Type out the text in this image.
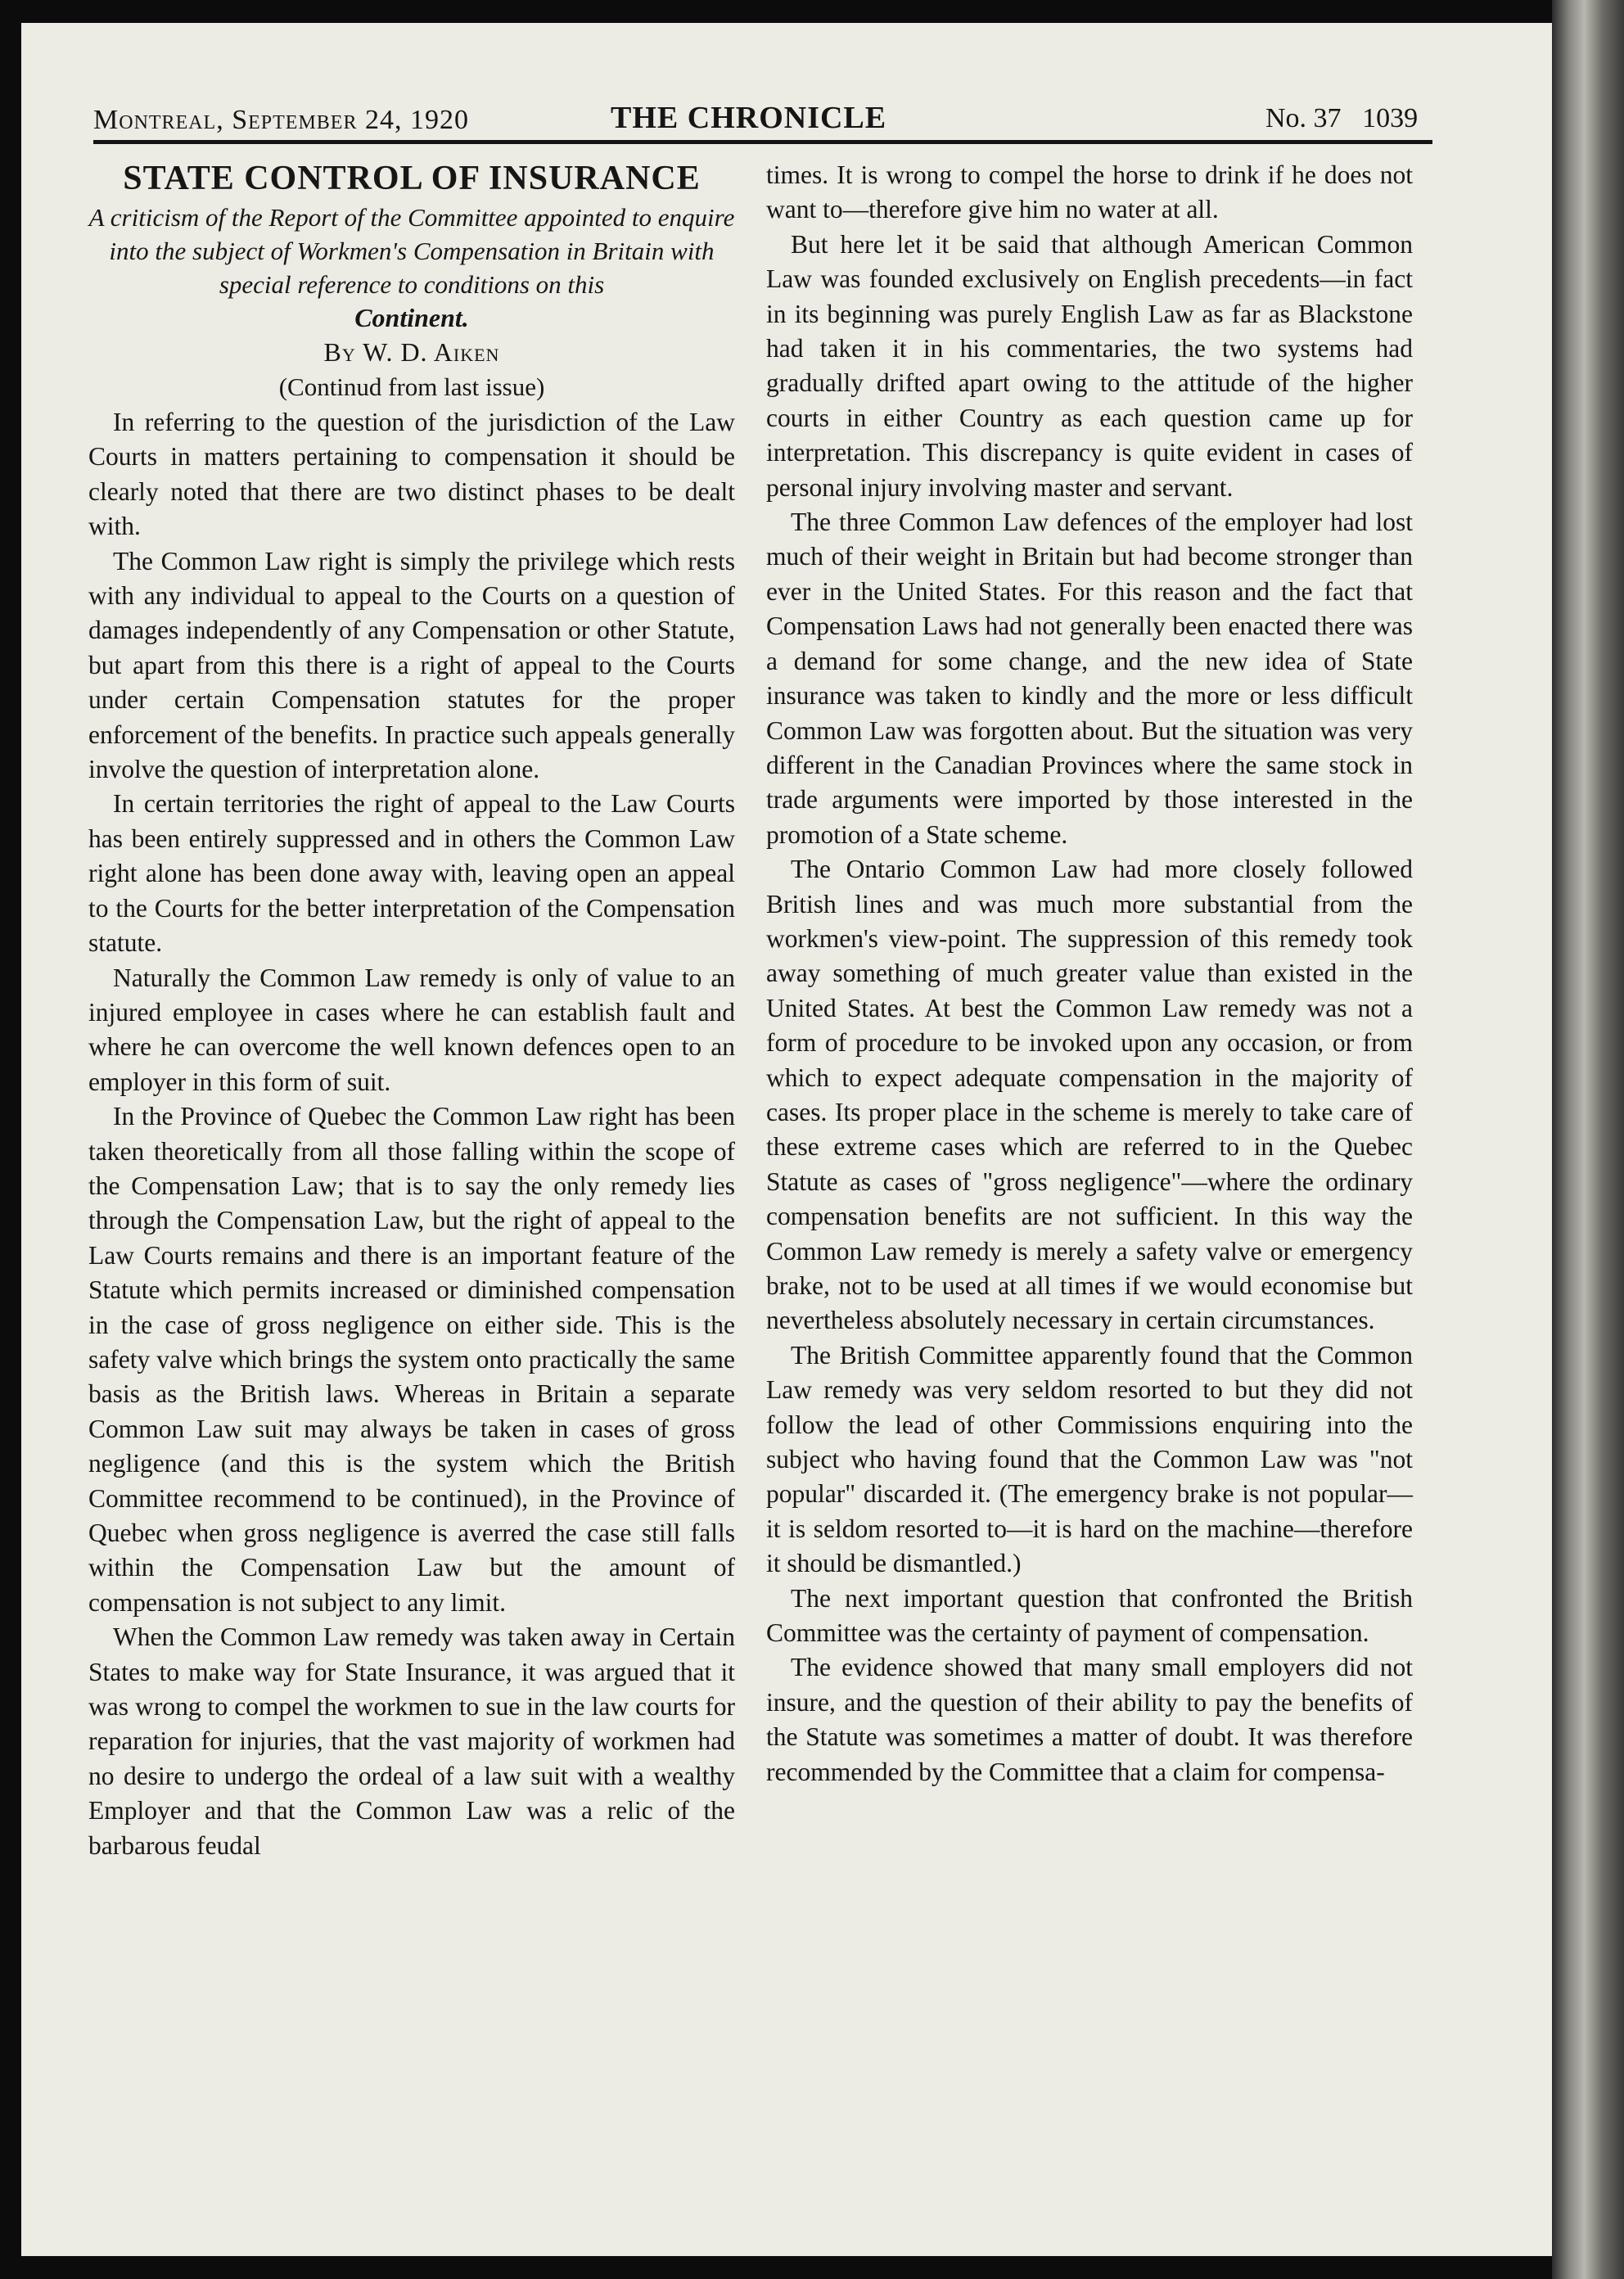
Montreal, September 24, 1920	THE CHRONICLE	No. 37 1039
STATE CONTROL OF INSURANCE

A criticism of the Report of the Committee appointed to enquire into the subject of Workmen's Compensation in Britain with special reference to conditions on this

Continent.

By W. D. Aiken

(Continud from last issue)

In referring to the question of the jurisdiction of the Law Courts in matters pertaining to compensation it should be clearly noted that there are two distinct phases to be dealt with.

The Common Law right is simply the privilege which rests with any individual to appeal to the Courts on a question of damages independently of any Compensation or other Statute, but apart from this there is a right of appeal to the Courts under certain Compensation statutes for the proper enforcement of the benefits. In practice such appeals generally involve the question of interpretation alone.

In certain territories the right of appeal to the Law Courts has been entirely suppressed and in others the Common Law right alone has been done away with, leaving open an appeal to the Courts for the better interpretation of the Compensation statute.

Naturally the Common Law remedy is only of value to an injured employee in cases where he can establish fault and where he can overcome the well known defences open to an employer in this form of suit.

In the Province of Quebec the Common Law right has been taken theoretically from all those falling within the scope of the Compensation Law; that is to say the only remedy lies through the Compensation Law, but the right of appeal to the Law Courts remains and there is an important feature of the Statute which permits increased or diminished compensation in the case of gross negligence on either side. This is the safety valve which brings the system onto practically the same basis as the British laws. Whereas in Britain a separate Common Law suit may always be taken in cases of gross negligence (and this is the system which the British Committee recommend to be continued), in the Province of Quebec when gross negligence is averred the case still falls within the Compensation Law but the amount of compensation is not subject to any limit.

When the Common Law remedy was taken away in Certain States to make way for State Insurance, it was argued that it was wrong to compel the workmen to sue in the law courts for reparation for injuries, that the vast majority of workmen had no desire to undergo the ordeal of a law suit with a wealthy Employer and that the Common Law was a relic of the barbarous feudal

times. It is wrong to compel the horse to drink if he does not want to—therefore give him no water at all.

But here let it be said that although American Common Law was founded exclusively on English precedents—in fact in its beginning was purely English Law as far as Blackstone had taken it in his commentaries, the two systems had gradually drifted apart owing to the attitude of the higher courts in either Country as each question came up for interpretation. This discrepancy is quite evident in cases of personal injury involving master and servant.

The three Common Law defences of the employer had lost much of their weight in Britain but had become stronger than ever in the United States. For this reason and the fact that Compensation Laws had not generally been enacted there was a demand for some change, and the new idea of State insurance was taken to kindly and the more or less difficult Common Law was forgotten about. But the situation was very different in the Canadian Provinces where the same stock in trade arguments were imported by those interested in the promotion of a State scheme.

The Ontario Common Law had more closely followed British lines and was much more substantial from the workmen's view-point. The suppression of this remedy took away something of much greater value than existed in the United States. At best the Common Law remedy was not a form of procedure to be invoked upon any occasion, or from which to expect adequate compensation in the majority of cases. Its proper place in the scheme is merely to take care of these extreme cases which are referred to in the Quebec Statute as cases of "gross negligence"—where the ordinary compensation benefits are not sufficient. In this way the Common Law remedy is merely a safety valve or emergency brake, not to be used at all times if we would economise but nevertheless absolutely necessary in certain circumstances.

The British Committee apparently found that the Common Law remedy was very seldom resorted to but they did not follow the lead of other Commissions enquiring into the subject who having found that the Common Law was "not popular" discarded it. (The emergency brake is not popular—it is seldom resorted to—it is hard on the machine—therefore it should be dismantled.)

The next important question that confronted the British Committee was the certainty of payment of compensation.

The evidence showed that many small employers did not insure, and the question of their ability to pay the benefits of the Statute was sometimes a matter of doubt. It was therefore recommended by the Committee that a claim for compensa-
